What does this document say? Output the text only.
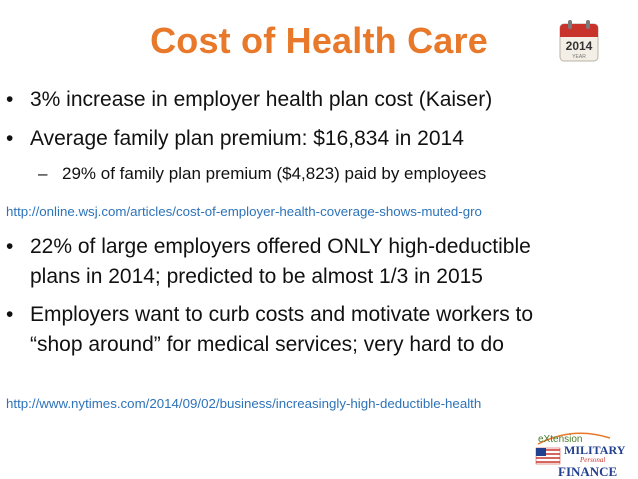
Cost of Health Care	2014
YEAR
• 3% increase in employer health plan cost (Kaiser)
• Average family plan premium: $16,834 in 2014
– 29% of family plan premium ($4,823) paid by employees
http://online.wsj.com/articles/cost-of-employer-health-coverage-shows-muted-gro
• 22% of large employers offered ONLY high-deductible
plans in 2014; predicted to be almost 1/3 in 2015
• Employers want to curb costs and motivate workers to
“shop around” for medical services; very hard to do
http://www.nytimes.com/2014/09/02/business/increasingly-high-deductible-health
eXtension
MILITARY
Personal
FINANCE
